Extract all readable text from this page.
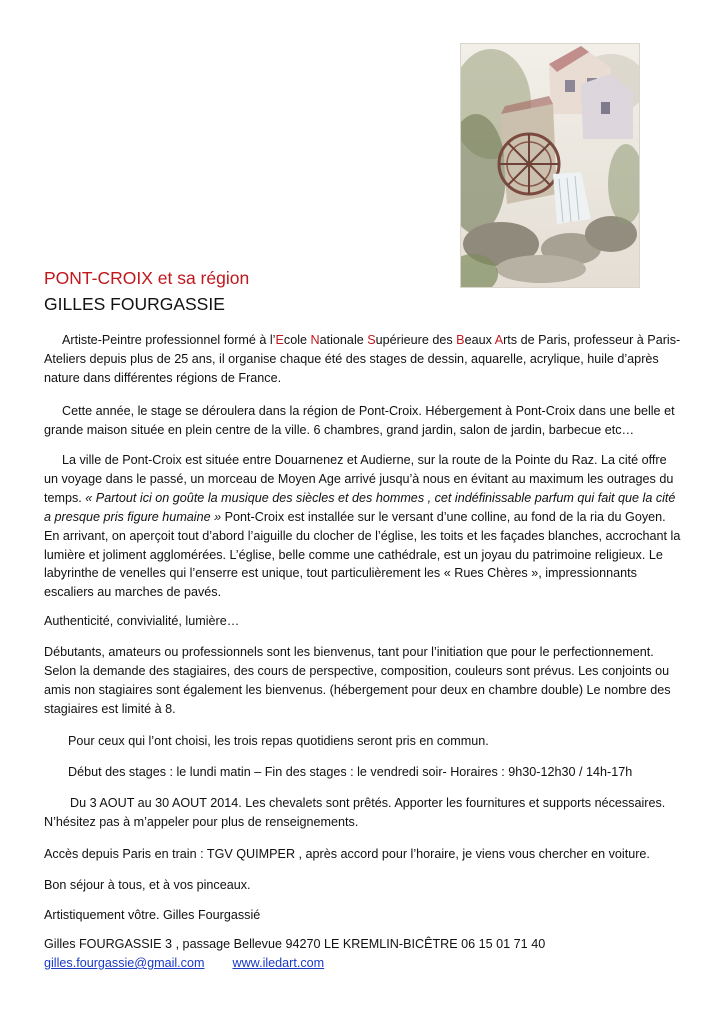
PONT-CROIX et sa région
GILLES FOURGASSIE

Artiste-Peintre professionnel formé à l’Ecole Nationale Supérieure des Beaux Arts de Paris, professeur à Paris-Ateliers depuis plus de 25 ans, il organise chaque été des stages de dessin, aquarelle, acrylique, huile d’après nature dans différentes régions de France.

Cette année, le stage se déroulera dans la région de Pont-Croix. Hébergement à Pont-Croix dans une belle et grande maison située en plein centre de la ville. 6 chambres, grand jardin, salon de jardin, barbecue etc…

La ville de Pont-Croix est située entre Douarnenez et Audierne, sur la route de la Pointe du Raz. La cité offre un voyage dans le passé, un morceau de Moyen Age arrivé jusqu’à nous en évitant au maximum les outrages du temps. « Partout ici on goûte la musique des siècles et des hommes , cet indéfinissable parfum qui fait que la cité a presque pris figure humaine » Pont-Croix est installée sur le versant d’une colline, au fond de la ria du Goyen. En arrivant, on aperçoit tout d’abord l’aiguille du clocher de l’église, les toits et les façades blanches, accrochant la lumière et joliment agglomérées. L’église, belle comme une cathédrale, est un joyau du patrimoine religieux. Le labyrinthe de venelles qui l’enserre est unique, tout particulièrement les « Rues Chères », impressionnants escaliers au marches de pavés.

Authenticité, convivialité, lumière…

Débutants, amateurs ou professionnels sont les bienvenus, tant pour l’initiation que pour le perfectionnement. Selon la demande des stagiaires, des cours de perspective, composition, couleurs sont prévus. Les conjoints ou amis non stagiaires sont également les bienvenus. (hébergement pour deux en chambre double) Le nombre des stagiaires est limité à 8.

Pour ceux qui l’ont choisi, les trois repas quotidiens seront pris en commun.

Début des stages : le lundi matin – Fin des stages : le vendredi soir- Horaires : 9h30-12h30 / 14h-17h

Du 3 AOUT au 30 AOUT 2014. Les chevalets sont prêtés. Apporter les fournitures et supports nécessaires. N’hésitez pas à m’appeler pour plus de renseignements.

Accès depuis Paris en train : TGV QUIMPER , après accord pour l’horaire, je viens vous chercher en voiture.

Bon séjour à tous, et à vos pinceaux.

Artistiquement vôtre. Gilles Fourgassié

Gilles FOURGASSIE 3 , passage Bellevue 94270 LE KREMLIN-BICÊTRE 06 15 01 71 40
gilles.fourgassie@gmail.com www.iledart.com
